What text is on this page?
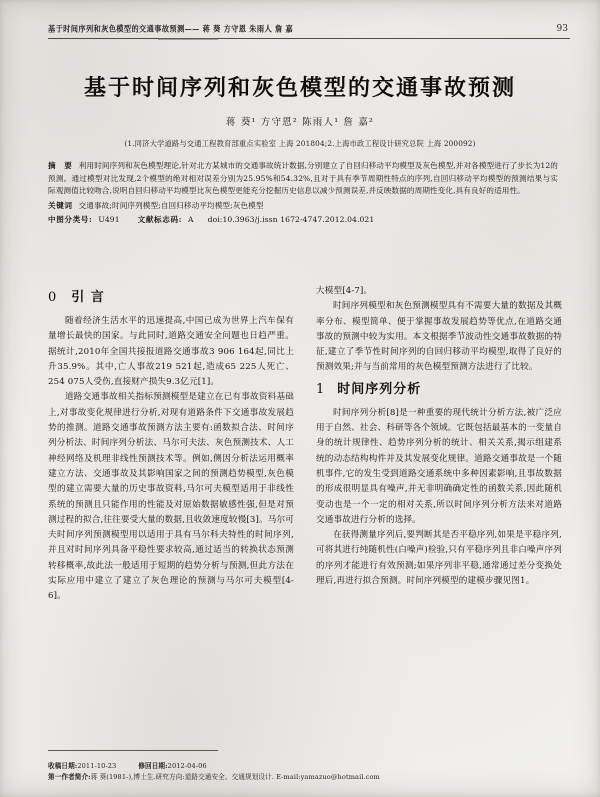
基于时间序列和灰色模型的交通事故预测—— 蒋 葵 方守恩 朱雨人 詹 嘉	93
基于时间序列和灰色模型的交通事故预测
蒋 葵¹ 方守恩² 陈雨人¹ 詹 嘉²
(1.同济大学道路与交通工程教育部重点实验室 上海 201804;2.上海市政工程设计研究总院 上海 200092)
摘 要 利用时间序列和灰色模型理论,针对北方某城市的交通事故统计数据,分别建立了自回归移动平均模型及灰色模型,并对各模型进行了步长为12的预测。通过模型对比发现,2个模型的绝对相对误差分别为25.95%和54.32%,且对于具有季节周期性特点的序列,自回归移动平均模型的预测结果与实际观测值比较吻合,说明自回归移动平均模型比灰色模型更能充分挖掘历史信息以减少预测误差,并反映数据的周期性变化,具有良好的适用性。
关键词 交通事故;时间序列模型;自回归移动平均模型;灰色模型
中图分类号: U491 文献标志码: A doi:10.3963/j.issn 1672-4747.2012.04.021
0 引 言

随着经济生活水平的迅速提高,中国已成为世界上汽车保有量增长最快的国家。与此同时,道路交通安全问题也日趋严重。据统计,2010年全国共接报道路交通事故3 906 164起,同比上升35.9%。其中,亡人事故219 521起,造成65 225人死亡、254 075人受伤,直接财产损失9.3亿元[1]。

道路交通事故相关指标预测模型是建立在已有事故资料基础上,对事故变化规律进行分析,对现有道路条件下交通事故发展趋势的推测。道路交通事故预测方法主要有:函数拟合法、时间序列分析法、时间序列分析法、马尔可夫法、灰色预测技术、人工神经网络及机理非线性预测技术等。例如,侧因分析法运用概率建立方法、交通事故及其影响国家之间的预测趋势模型,灰色模型的建立需要大量的历史事故资料,马尔可夫模型适用于非线性系统的预测且只能作用的性能及对原始数据敏感性强,但是对预测过程的拟合,往往要受大量的数据,且收敛速度较慢[3]。马尔可夫时间序列预测模型用以适用于具有马尔科夫特性的时间序列,并且对时间序列具备平稳性要求较高,通过适当的转换状态预测转移概率,故此法一般适用于短期的趋势分析与预测,但此方法在实际应用中建立了建立了灰色理论的预测与马尔可夫模型[4-6]。

大模型[4-7]。

时间序列模型和灰色预测模型具有不需要大量的数据及其概率分布、模型简单、便于掌握事故发展趋势等优点,在道路交通事故的预测中较为实用。本文根据季节波动性交通事故数据的特征,建立了季节性时间序列的自回归移动平均模型,取得了良好的预测效果;并与当前常用的灰色模型预测方法进行了比较。

1 时间序列分析

时间序列分析[8]是一种重要的现代统计分析方法,被广泛应用于自然、社会、科研等各个领域。它既包括最基本的一变量自身的统计规律性、趋势序列分析的统计、相关关系,揭示组建系统的动态结构构件并及其发展变化规律。道路交通事故是一个随机事件,它的发生受到道路交通系统中多种因素影响,且事故数据的形成很明显具有噪声,并无非明确确定性的函数关系,因此随机变动也是一个一定的相对关系,所以时间序列分析方法来对道路交通事故进行分析的选择。

在获得测量序列后,要判断其是否平稳序列,如果是平稳序列,可将其进行纯随机性(白噪声)检验,只有平稳序列且非白噪声序列的序列才能进行有效预测;如果序列非平稳,通常通过差分变换处理后,再进行拟合预测。时间序列模型的建模步骤见图1。

收稿日期:2011-10-23	修回日期:2012-04-06
第一作者简介:蒋 葵(1981-),博士生.研究方向:道路交通安全、交通规划设计. E-mail:yamazuo@hotmail.com
